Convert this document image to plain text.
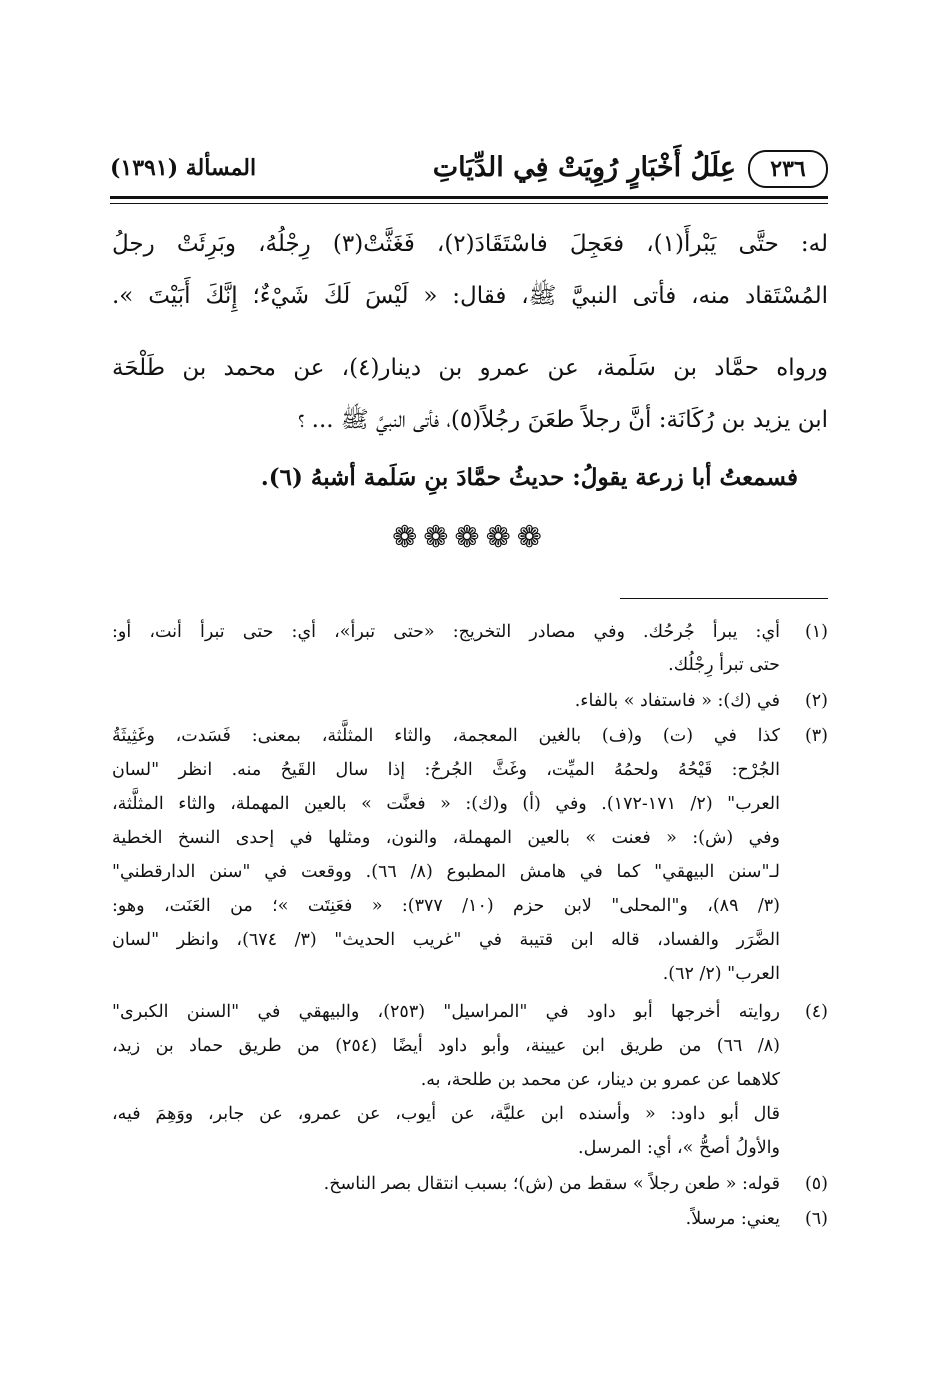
٢٣٦
عِلَلُ أَخْبَارٍ رُوِيَتْ فِي الدِّيَاتِ
المسألة (١٣٩١)
له: حتَّى يَبْرأَ(١)، فعَجِلَ فاسْتَقَادَ(٢)، فَغَثَّتْ(٣) رِجْلُهُ، وبَرِئَتْ رجلُ
المُسْتَقاد منه، فأتى النبيَّ ﷺ، فقال: « لَيْسَ لَكَ شَيْءٌ؛ إِنَّكَ أَبَيْتَ ».
ورواه حمَّاد بن سَلَمة، عن عمرو بن دينار(٤)، عن محمد بن طَلْحَة
ابن يزيد بن رُكَانَة: أنَّ رجلاً طعَنَ رجُلاً(٥)، فأتى النبيَّ ﷺ ... ؟
فسمعتُ أبا زرعة يقولُ: حديثُ حمَّادَ بنِ سَلَمة أشبهُ (٦).
❁❁❁❁❁
(١)
أي: يبرأ جُرحُك. وفي مصادر التخريج: «حتى تبرأ»، أي: حتى تبرأ أنت، أو:
حتى تبرأ رِجْلُك.
(٢)
في (ك): « فاستفاد » بالفاء.
(٣)
كذا في (ت) و(ف) بالغين المعجمة، والثاء المثلَّثة، بمعنى: فَسَدت، وغَثِيثَةُ
الجُرْح: قَيْحُهُ ولحمُهُ الميِّت، وغَثَّ الجُرحُ: إذا سال القَيحُ منه. انظر "لسان
العرب" (٢/ ١٧١-١٧٢). وفي (أ) و(ك): « فعنَّت » بالعين المهملة، والثاء المثلَّثة،
وفي (ش): « فعنت » بالعين المهملة، والنون، ومثلها في إحدى النسخ الخطية
لـ"سنن البيهقي" كما في هامش المطبوع (٨/ ٦٦). ووقعت في "سنن الدارقطني"
(٣/ ٨٩)، و"المحلى" لابن حزم (١٠/ ٣٧٧): « فعَنِتَت »؛ من العَنَت، وهو:
الضَّرَر والفساد، قاله ابن قتيبة في "غريب الحديث" (٣/ ٦٧٤)، وانظر "لسان
العرب" (٢/ ٦٢).
(٤)
روايته أخرجها أبو داود في "المراسيل" (٢٥٣)، والبيهقي في "السنن الكبرى"
(٨/ ٦٦) من طريق ابن عيينة، وأبو داود أيضًا (٢٥٤) من طريق حماد بن زيد،
كلاهما عن عمرو بن دينار، عن محمد بن طلحة، به.
قال أبو داود: « وأسنده ابن عليَّة، عن أيوب، عن عمرو، عن جابر، ووَهِمَ فيه،
والأولُ أصحُّ »، أي: المرسل.
(٥)
قوله: « طعن رجلاً » سقط من (ش)؛ بسبب انتقال بصر الناسخ.
(٦)
يعني: مرسلاً.
